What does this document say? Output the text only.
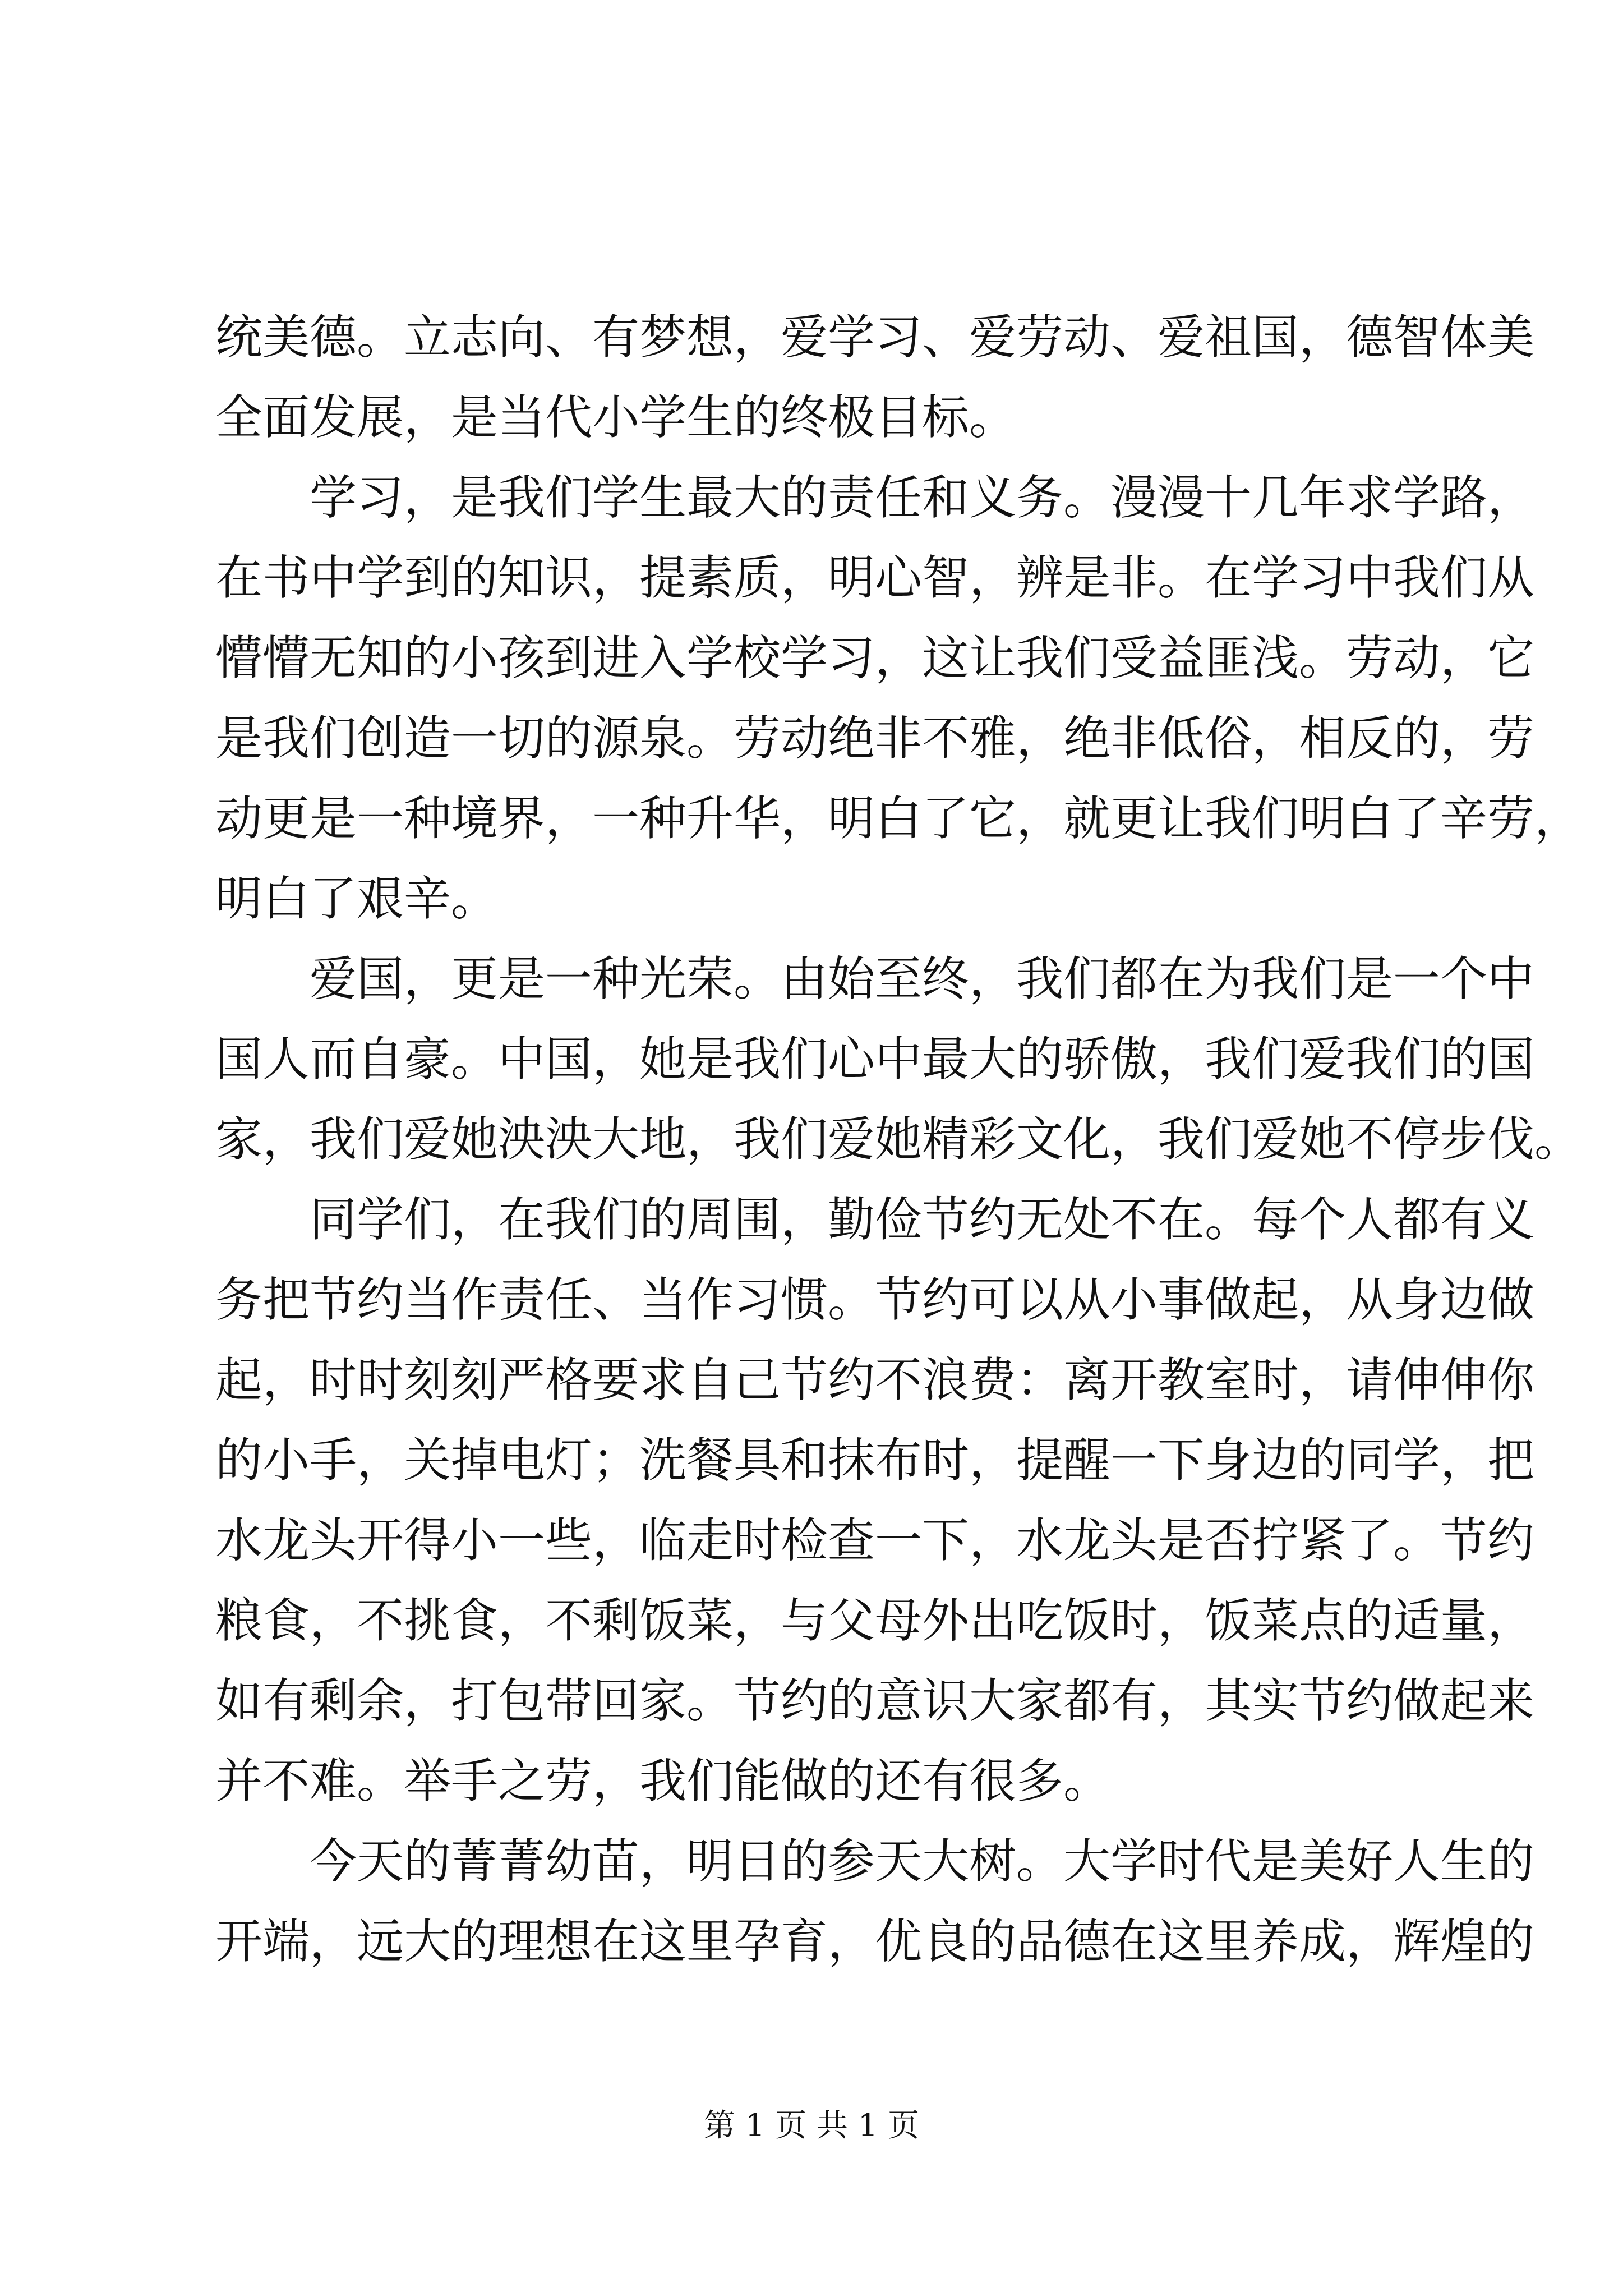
统美德。立志向、有梦想，爱学习、爱劳动、爱祖国，德智体美
全面发展，是当代小学生的终极目标。
学习，是我们学生最大的责任和义务。漫漫十几年求学路，
在书中学到的知识，提素质，明心智，辨是非。在学习中我们从
懵懵无知的小孩到进入学校学习，这让我们受益匪浅。劳动，它
是我们创造一切的源泉。劳动绝非不雅，绝非低俗，相反的，劳
动更是一种境界，一种升华，明白了它，就更让我们明白了辛劳，
明白了艰辛。
爱国，更是一种光荣。由始至终，我们都在为我们是一个中
国人而自豪。中国，她是我们心中最大的骄傲，我们爱我们的国
家，我们爱她泱泱大地，我们爱她精彩文化，我们爱她不停步伐。
同学们，在我们的周围，勤俭节约无处不在。每个人都有义
务把节约当作责任、当作习惯。节约可以从小事做起，从身边做
起，时时刻刻严格要求自己节约不浪费：离开教室时，请伸伸你
的小手，关掉电灯；洗餐具和抹布时，提醒一下身边的同学，把
水龙头开得小一些，临走时检查一下，水龙头是否拧紧了。节约
粮食，不挑食，不剩饭菜，与父母外出吃饭时，饭菜点的适量，
如有剩余，打包带回家。节约的意识大家都有，其实节约做起来
并不难。举手之劳，我们能做的还有很多。
今天的菁菁幼苗，明日的参天大树。大学时代是美好人生的
开端，远大的理想在这里孕育，优良的品德在这里养成，辉煌的
第 1 页 共 1 页
